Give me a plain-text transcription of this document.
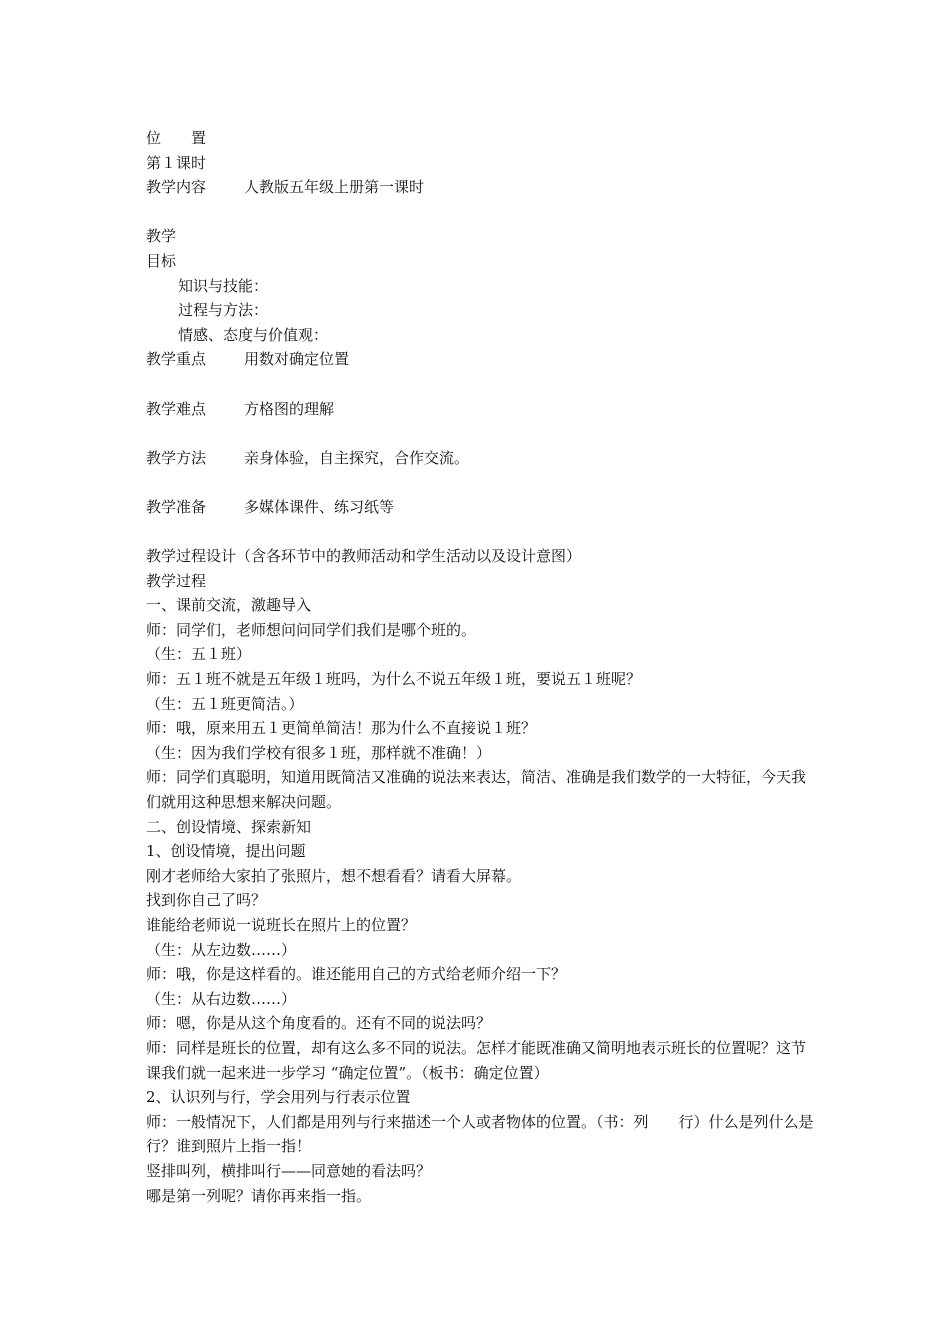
位 置
第１课时
教学内容	人教版五年级上册第一课时
教学
目标
知识与技能：
过程与方法：
情感、态度与价值观：
教学重点	用数对确定位置
教学难点	方格图的理解
教学方法	亲身体验，自主探究，合作交流。
教学准备	多媒体课件、练习纸等
教学过程设计（含各环节中的教师活动和学生活动以及设计意图）
教学过程
一、课前交流，激趣导入
师：同学们，老师想问问同学们我们是哪个班的。
（生：五１班）
师：五１班不就是五年级１班吗，为什么不说五年级１班，要说五１班呢？
（生：五１班更简洁。）
师：哦，原来用五１更简单简洁！那为什么不直接说１班？
（生：因为我们学校有很多１班，那样就不准确！）
师：同学们真聪明，知道用既简洁又准确的说法来表达，简洁、准确是我们数学的一大特征，今天我们就用这种思想来解决问题。
二、创设情境、探索新知
1、创设情境，提出问题
刚才老师给大家拍了张照片，想不想看看？请看大屏幕。
找到你自己了吗？
谁能给老师说一说班长在照片上的位置？
（生：从左边数……）
师：哦，你是这样看的。谁还能用自己的方式给老师介绍一下？
（生：从右边数……）
师：嗯，你是从这个角度看的。还有不同的说法吗？
师：同样是班长的位置，却有这么多不同的说法。怎样才能既准确又简明地表示班长的位置呢？这节课我们就一起来进一步学习 “确定位置”。（板书：确定位置）
2、认识列与行，学会用列与行表示位置
师：一般情况下，人们都是用列与行来描述一个人或者物体的位置。（书：列　　行）什么是列什么是行？谁到照片上指一指！
竖排叫列，横排叫行——同意她的看法吗？
哪是第一列呢？请你再来指一指。
